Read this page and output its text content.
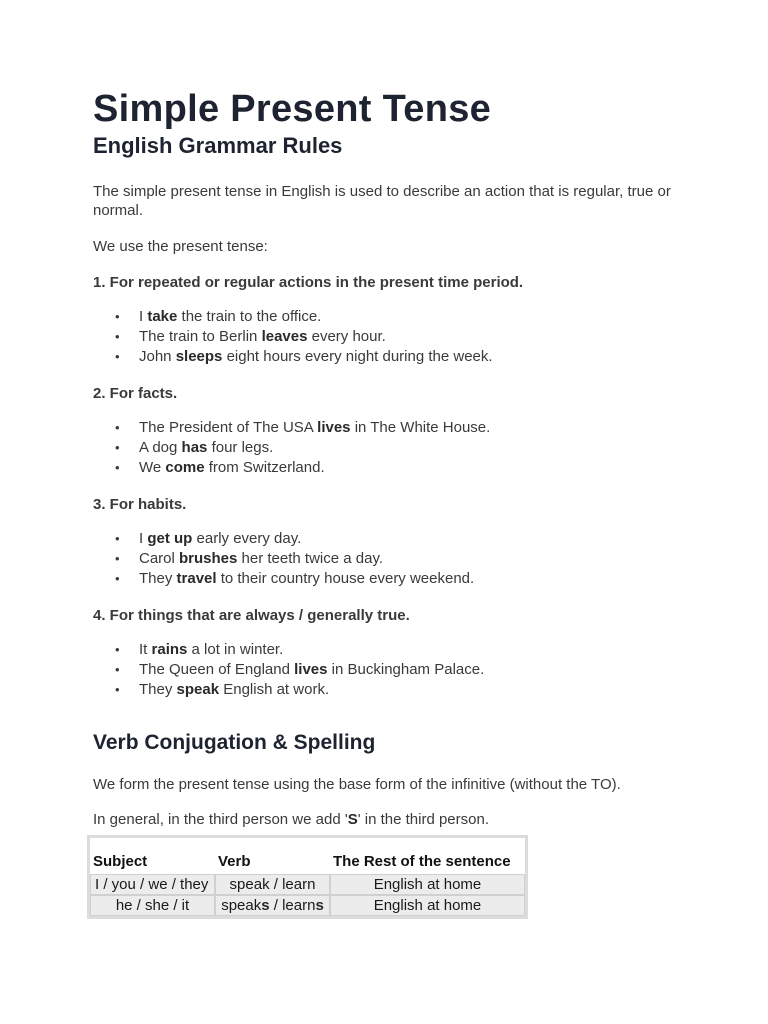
Simple Present Tense
English Grammar Rules

The simple present tense in English is used to describe an action that is regular, true or normal.

We use the present tense:

1. For repeated or regular actions in the present time period.

• I take the train to the office.
• The train to Berlin leaves every hour.
• John sleeps eight hours every night during the week.

2. For facts.

• The President of The USA lives in The White House.
• A dog has four legs.
• We come from Switzerland.

3. For habits.

• I get up early every day.
• Carol brushes her teeth twice a day.
• They travel to their country house every weekend.

4. For things that are always / generally true.

• It rains a lot in winter.
• The Queen of England lives in Buckingham Palace.
• They speak English at work.
Verb Conjugation & Spelling

We form the present tense using the base form of the infinitive (without the TO).

In general, in the third person we add 'S' in the third person.

Subject	Verb	The Rest of the sentence
I / you / we / they	speak / learn	English at home
he / she / it	speaks / learns	English at home
